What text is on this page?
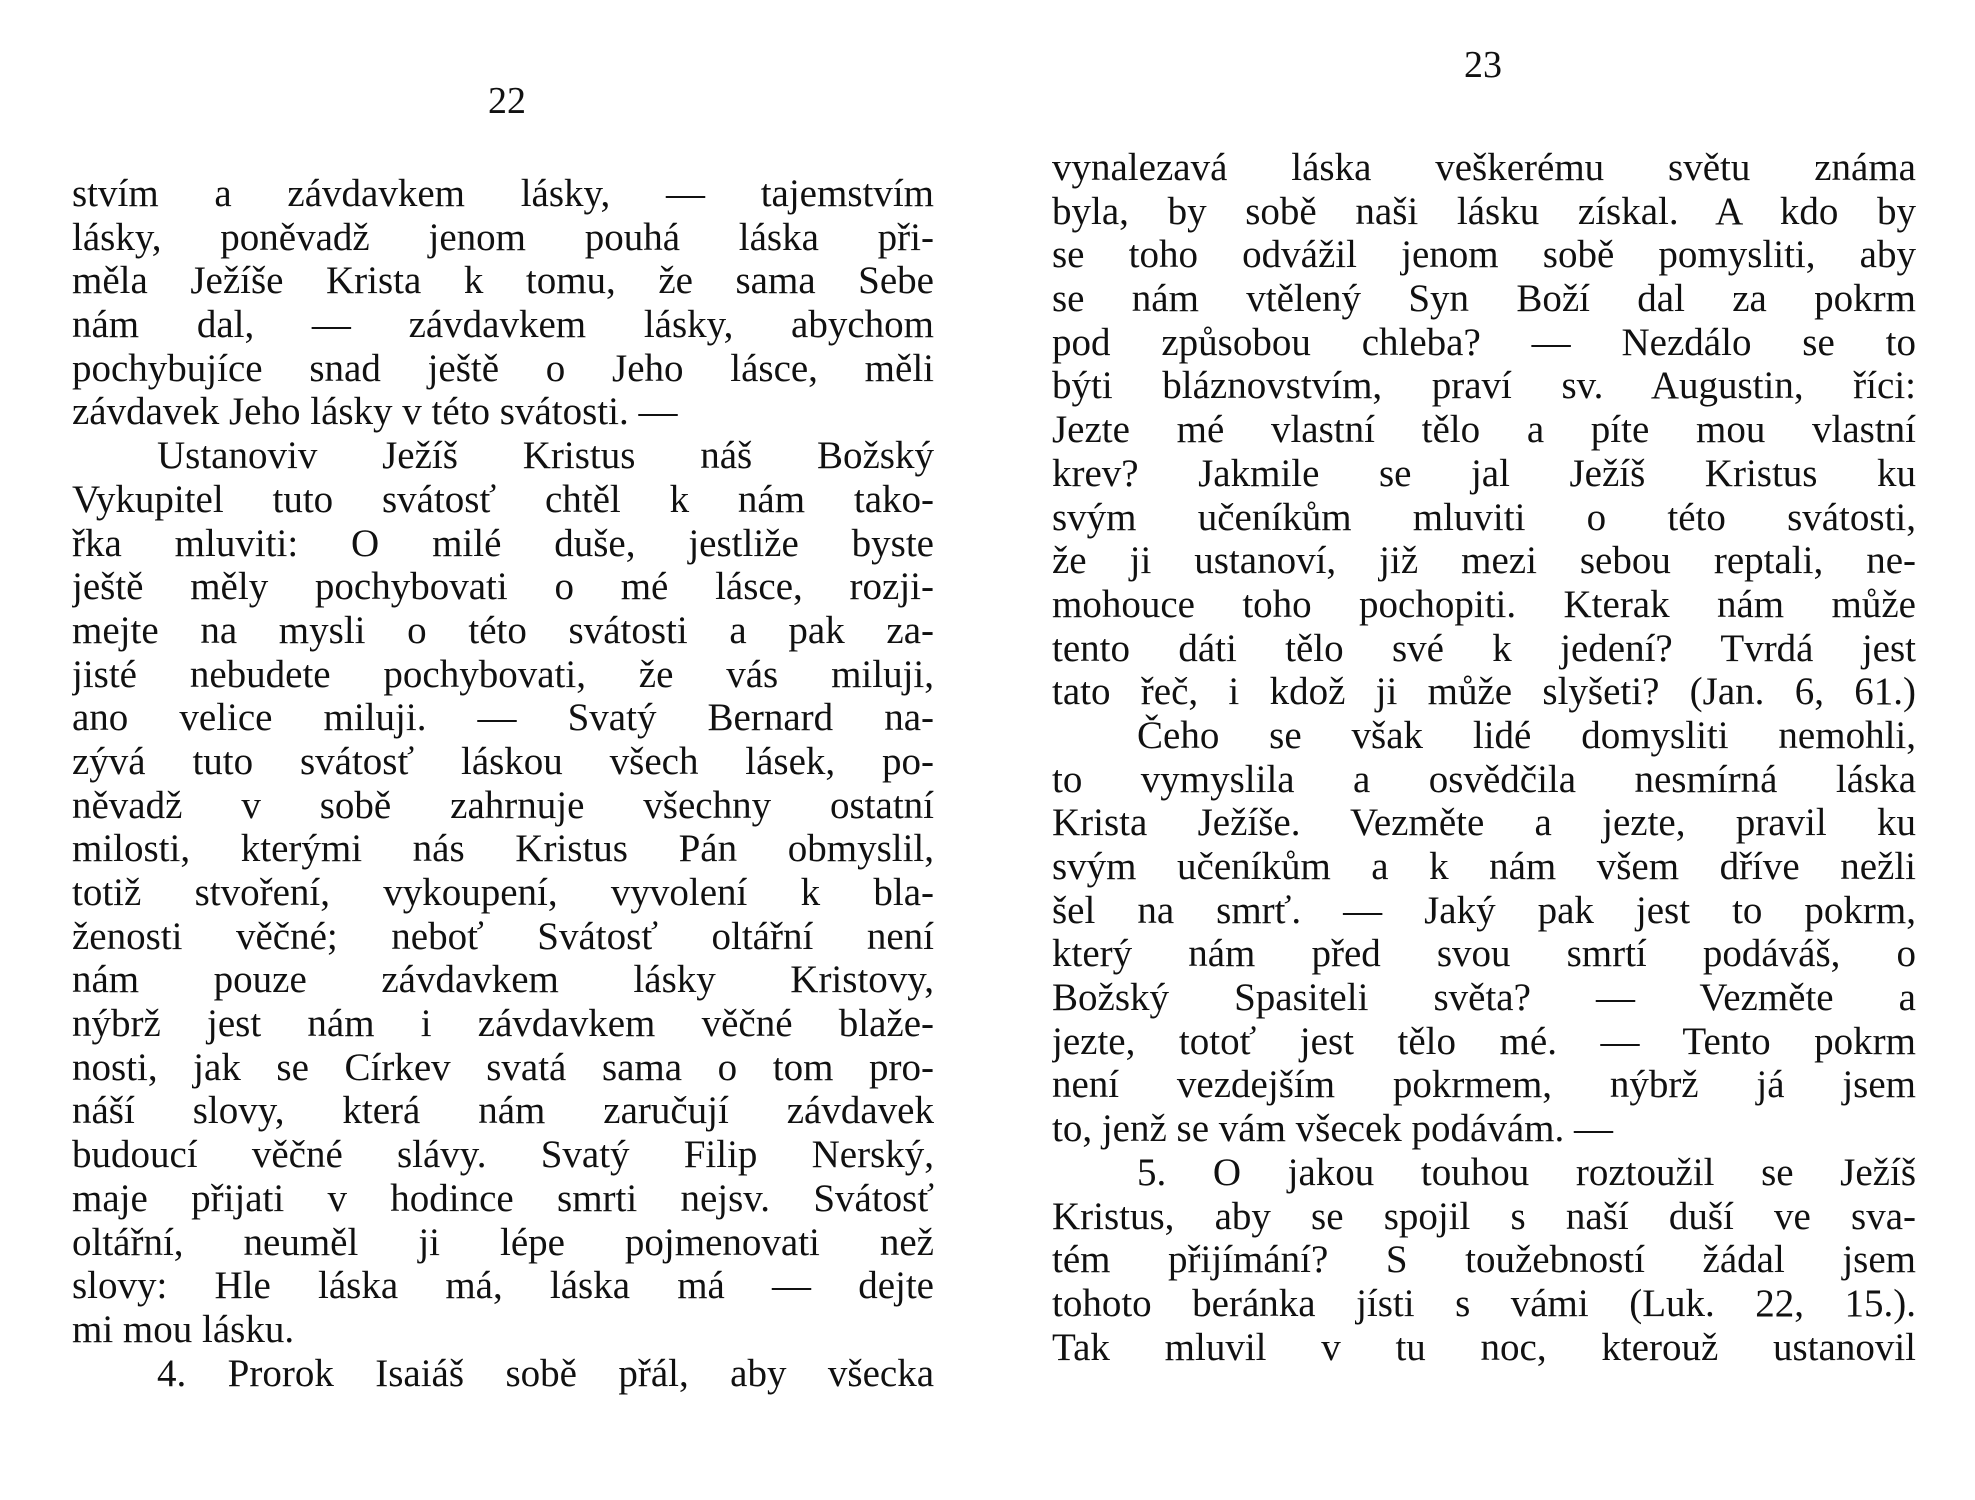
22
stvím a závdavkem lásky, — tajemstvím
lásky, poněvadž jenom pouhá láska při-
měla Ježíše Krista k tomu, že sama Sebe
nám dal, — závdavkem lásky, abychom
pochybujíce snad ještě o Jeho lásce, měli
závdavek Jeho lásky v této svátosti. —
Ustanoviv Ježíš Kristus náš Božský
Vykupitel tuto svátosť chtěl k nám tako-
řka mluviti: O milé duše, jestliže byste
ještě měly pochybovati o mé lásce, rozji-
mejte na mysli o této svátosti a pak za-
jisté nebudete pochybovati, že vás miluji,
ano velice miluji. — Svatý Bernard na-
zývá tuto svátosť láskou všech lásek, po-
něvadž v sobě zahrnuje všechny ostatní
milosti, kterými nás Kristus Pán obmyslil,
totiž stvoření, vykoupení, vyvolení k bla-
ženosti věčné; neboť Svátosť oltářní není
nám pouze závdavkem lásky Kristovy,
nýbrž jest nám i závdavkem věčné blaže-
nosti, jak se Církev svatá sama o tom pro-
náší slovy, která nám zaručují závdavek
budoucí věčné slávy. Svatý Filip Nerský,
maje přijati v hodince smrti nejsv. Svátosť
oltářní, neuměl ji lépe pojmenovati než
slovy: Hle láska má, láska má — dejte
mi mou lásku.
4. Prorok Isaiáš sobě přál, aby všecka
23
vynalezavá láska veškerému světu známa
byla, by sobě naši lásku získal. A kdo by
se toho odvážil jenom sobě pomysliti, aby
se nám vtělený Syn Boží dal za pokrm
pod způsobou chleba? — Nezdálo se to
býti bláznovstvím, praví sv. Augustin, říci:
Jezte mé vlastní tělo a píte mou vlastní
krev? Jakmile se jal Ježíš Kristus ku
svým učeníkům mluviti o této svátosti,
že ji ustanoví, již mezi sebou reptali, ne-
mohouce toho pochopiti. Kterak nám může
tento dáti tělo své k jedení? Tvrdá jest
tato řeč, i kdož ji může slyšeti? (Jan. 6, 61.)
Čeho se však lidé domysliti nemohli,
to vymyslila a osvědčila nesmírná láska
Krista Ježíše. Vezměte a jezte, pravil ku
svým učeníkům a k nám všem dříve nežli
šel na smrť. — Jaký pak jest to pokrm,
který nám před svou smrtí podáváš, o
Božský Spasiteli světa? — Vezměte a
jezte, totoť jest tělo mé. — Tento pokrm
není vezdejším pokrmem, nýbrž já jsem
to, jenž se vám všecek podávám. —
5. O jakou touhou roztoužil se Ježíš
Kristus, aby se spojil s naší duší ve sva-
tém přijímání? S toužebností žádal jsem
tohoto beránka jísti s vámi (Luk. 22, 15.).
Tak mluvil v tu noc, kterouž ustanovil
